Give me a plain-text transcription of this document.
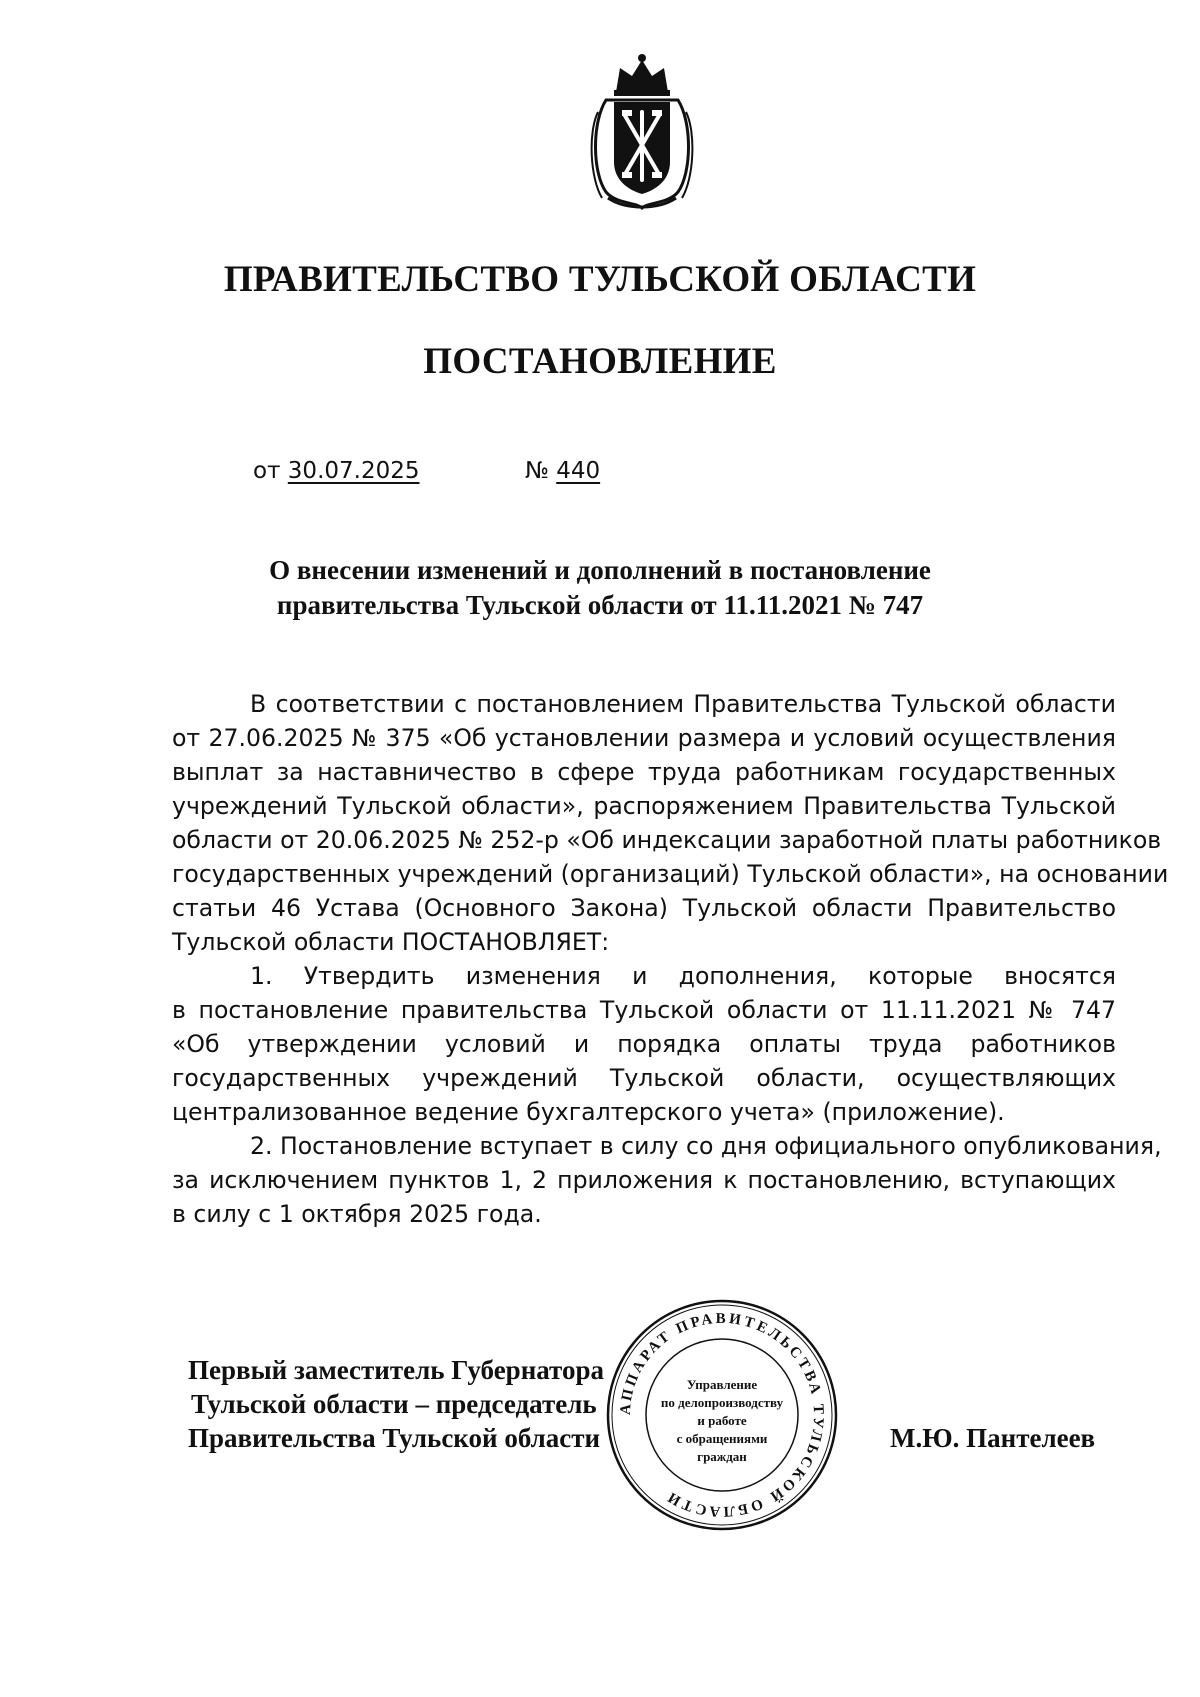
ПРАВИТЕЛЬСТВО ТУЛЬСКОЙ ОБЛАСТИ
ПОСТАНОВЛЕНИЕ
от 30.07.2025	№ 440
О внесении изменений и дополнений в постановление
правительства Тульской области от 11.11.2021 № 747
В соответствии с постановлением Правительства Тульской области
от 27.06.2025 № 375 «Об установлении размера и условий осуществления
выплат за наставничество в сфере труда работникам государственных
учреждений Тульской области», распоряжением Правительства Тульской
области от 20.06.2025 № 252-р «Об индексации заработной платы работников
государственных учреждений (организаций) Тульской области», на основании
статьи 46 Устава (Основного Закона) Тульской области Правительство
Тульской области ПОСТАНОВЛЯЕТ:
1. Утвердить изменения и дополнения, которые вносятся
в постановление правительства Тульской области от 11.11.2021 № 747
«Об утверждении условий и порядка оплаты труда работников
государственных учреждений Тульской области, осуществляющих
централизованное ведение бухгалтерского учета» (приложение).
2. Постановление вступает в силу со дня официального опубликования,
за исключением пунктов 1, 2 приложения к постановлению, вступающих
в силу с 1 октября 2025 года.
Первый заместитель Губернатора
Тульской области – председатель
Правительства Тульской области	М.Ю. Пантелеев
АППАРАТ ПРАВИТЕЛЬСТВА ТУЛЬСКОЙ ОБЛАСТИ
Управление
по делопроизводству
и работе
с обращениями
граждан
